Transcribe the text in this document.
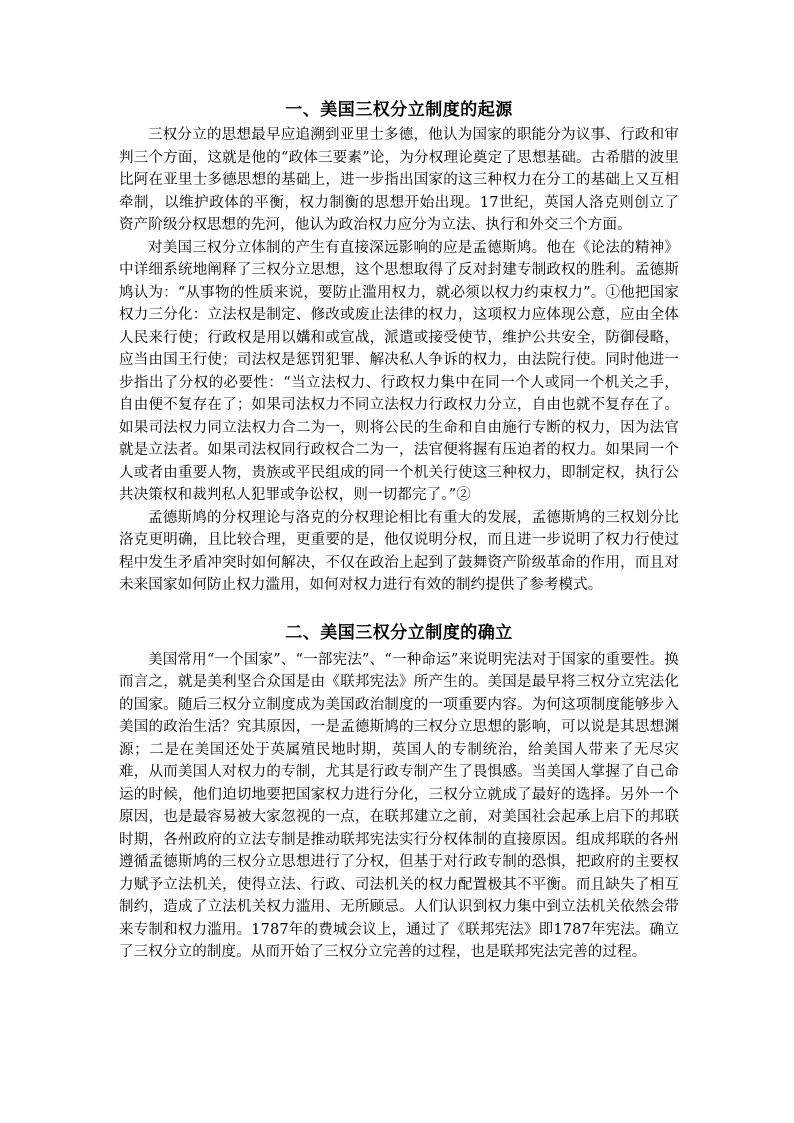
一、美国三权分立制度的起源

三权分立的思想最早应追溯到亚里士多德，他认为国家的职能分为议事、行政和审判三个方面，这就是他的“政体三要素”论，为分权理论奠定了思想基础。古希腊的波里比阿在亚里士多德思想的基础上，进一步指出国家的这三种权力在分工的基础上又互相牵制，以维护政体的平衡，权力制衡的思想开始出现。17世纪，英国人洛克则创立了资产阶级分权思想的先河，他认为政治权力应分为立法、执行和外交三个方面。

对美国三权分立体制的产生有直接深远影响的应是孟德斯鸠。他在《论法的精神》中详细系统地阐释了三权分立思想，这个思想取得了反对封建专制政权的胜利。孟德斯鸠认为：“从事物的性质来说，要防止滥用权力，就必须以权力约束权力”。①他把国家权力三分化：立法权是制定、修改或废止法律的权力，这项权力应体现公意，应由全体人民来行使；行政权是用以媾和或宣战，派遣或接受使节，维护公共安全，防御侵略，应当由国王行使；司法权是惩罚犯罪、解决私人争诉的权力，由法院行使。同时他进一步指出了分权的必要性：“当立法权力、行政权力集中在同一个人或同一个机关之手，自由便不复存在了；如果司法权力不同立法权力行政权力分立，自由也就不复存在了。如果司法权力同立法权力合二为一，则将公民的生命和自由施行专断的权力，因为法官就是立法者。如果司法权同行政权合二为一，法官便将握有压迫者的权力。如果同一个人或者由重要人物，贵族或平民组成的同一个机关行使这三种权力，即制定权，执行公共决策权和裁判私人犯罪或争讼权，则一切都完了。”②

孟德斯鸠的分权理论与洛克的分权理论相比有重大的发展，孟德斯鸠的三权划分比洛克更明确，且比较合理，更重要的是，他仅说明分权，而且进一步说明了权力行使过程中发生矛盾冲突时如何解决，不仅在政治上起到了鼓舞资产阶级革命的作用，而且对未来国家如何防止权力滥用，如何对权力进行有效的制约提供了参考模式。

二、美国三权分立制度的确立

美国常用“一个国家”、“一部宪法”、“一种命运”来说明宪法对于国家的重要性。换而言之，就是美利坚合众国是由《联邦宪法》所产生的。美国是最早将三权分立宪法化的国家。随后三权分立制度成为美国政治制度的一项重要内容。为何这项制度能够步入美国的政治生活？究其原因，一是孟德斯鸠的三权分立思想的影响，可以说是其思想渊源；二是在美国还处于英属殖民地时期，英国人的专制统治，给美国人带来了无尽灾难，从而美国人对权力的专制，尤其是行政专制产生了畏惧感。当美国人掌握了自己命运的时候，他们迫切地要把国家权力进行分化，三权分立就成了最好的选择。另外一个原因，也是最容易被大家忽视的一点，在联邦建立之前，对美国社会起承上启下的邦联时期，各州政府的立法专制是推动联邦宪法实行分权体制的直接原因。组成邦联的各州遵循孟德斯鸠的三权分立思想进行了分权，但基于对行政专制的恐惧，把政府的主要权力赋予立法机关，使得立法、行政、司法机关的权力配置极其不平衡。而且缺失了相互制约，造成了立法机关权力滥用、无所顾忌。人们认识到权力集中到立法机关依然会带来专制和权力滥用。1787年的费城会议上，通过了《联邦宪法》即1787年宪法。确立了三权分立的制度。从而开始了三权分立完善的过程，也是联邦宪法完善的过程。
